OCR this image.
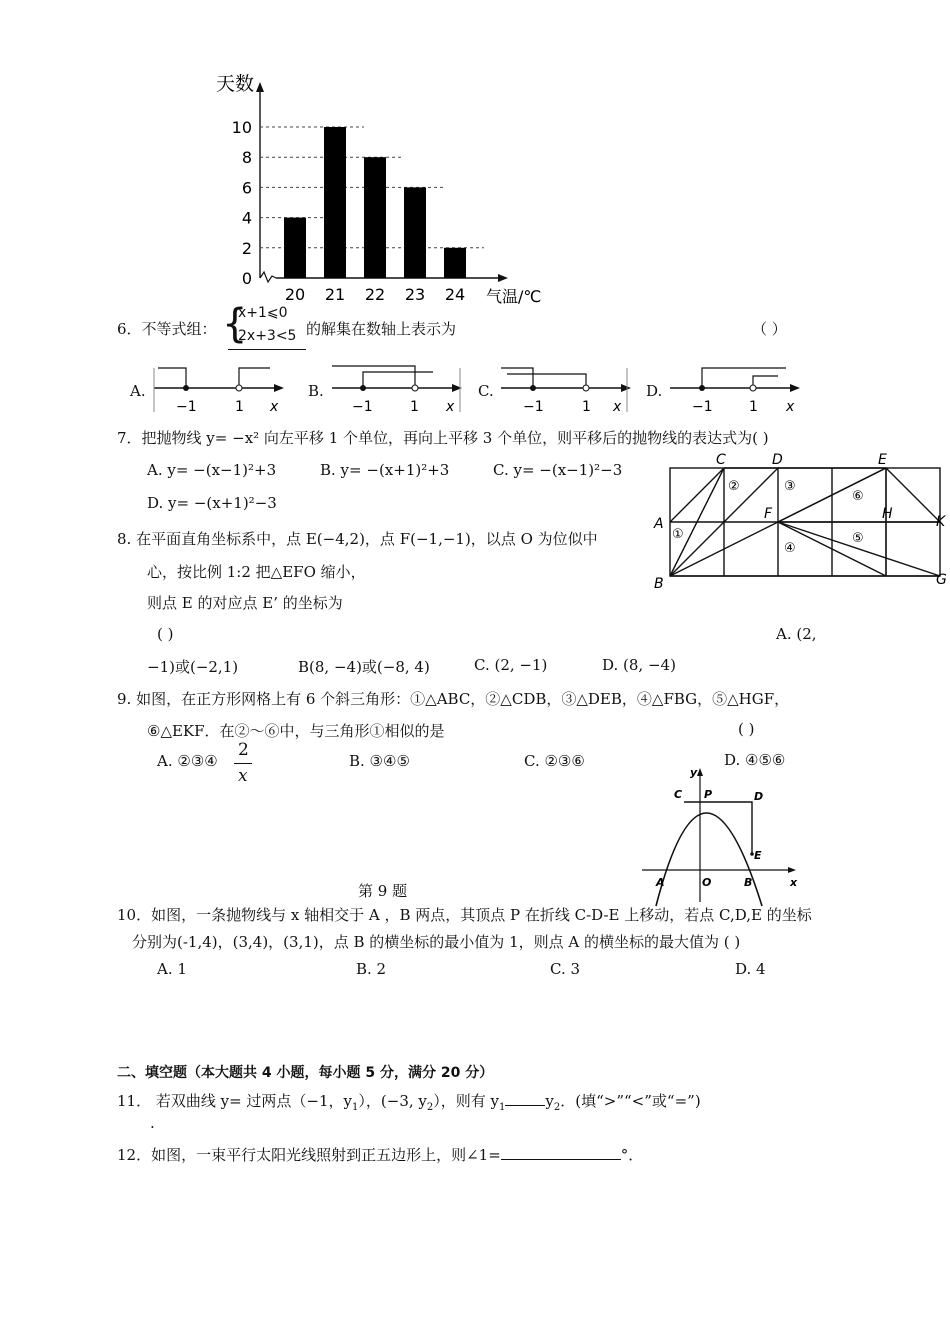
0
2
4
6
8
10
20 21 22 23 24
天数
气温/℃
6．不等式组： {
x+1⩽0
2x+3<5 的解集在数轴上表示为	（ ）
A.	B.	C.	D.
−1	1 x	−1	1 x	−1	1 x	−1	1 x
7．把抛物线 y= −x² 向左平移 1 个单位，再向上平移 3 个单位，则平移后的抛物线的表达式为( )
A. y= −(x−1)²+3	B. y= −(x+1)²+3	C. y= −(x−1)²−3
D. y= −(x+1)²−3
A
B
C	D	E
F
G
H	K
①
②	③
④
⑤
⑥
8. 在平面直角坐标系中，点 E(−4,2)，点 F(−1,−1)，以点 O 为位似中
心，按比例 1:2 把△EFO 缩小，
则点 E 的对应点 E’ 的坐标为
( )	A. (2,
−1)或(−2,1)	B(8, −4)或(−8, 4)	C. (2, −1)	D. (8, −4)
9. 如图，在正方形网格上有 6 个斜三角形：①△ABC，②△CDB，③△DEB，④△FBG，⑤△HGF，
⑥△EKF．在②～⑥中，与三角形①相似的是	( )
A. ②③④
2
x
B. ③④⑤	C. ②③⑥	D. ④⑤⑥
第 9 题
y
x
C P	D
E
A	O	B
10．如图，一条抛物线与 x 轴相交于 A ，B 两点，其顶点 P 在折线 C-D-E 上移动，若点 C,D,E 的坐标
分别为(-1,4)，(3,4)，(3,1)，点 B 的横坐标的最小值为 1，则点 A 的横坐标的最大值为 ( )
A. 1	B. 2	C. 3	D. 4
二、填空题（本大题共 4 小题，每小题 5 分，满分 20 分）
11． 若双曲线 y= 过两点（−1，$y_1$），(−3, $y_2$），则有 $y_1$	$y_2$．(填“>”“<”或“=”)
.
12．如图，一束平行太阳光线照射到正五边形上，则∠1=	°．
